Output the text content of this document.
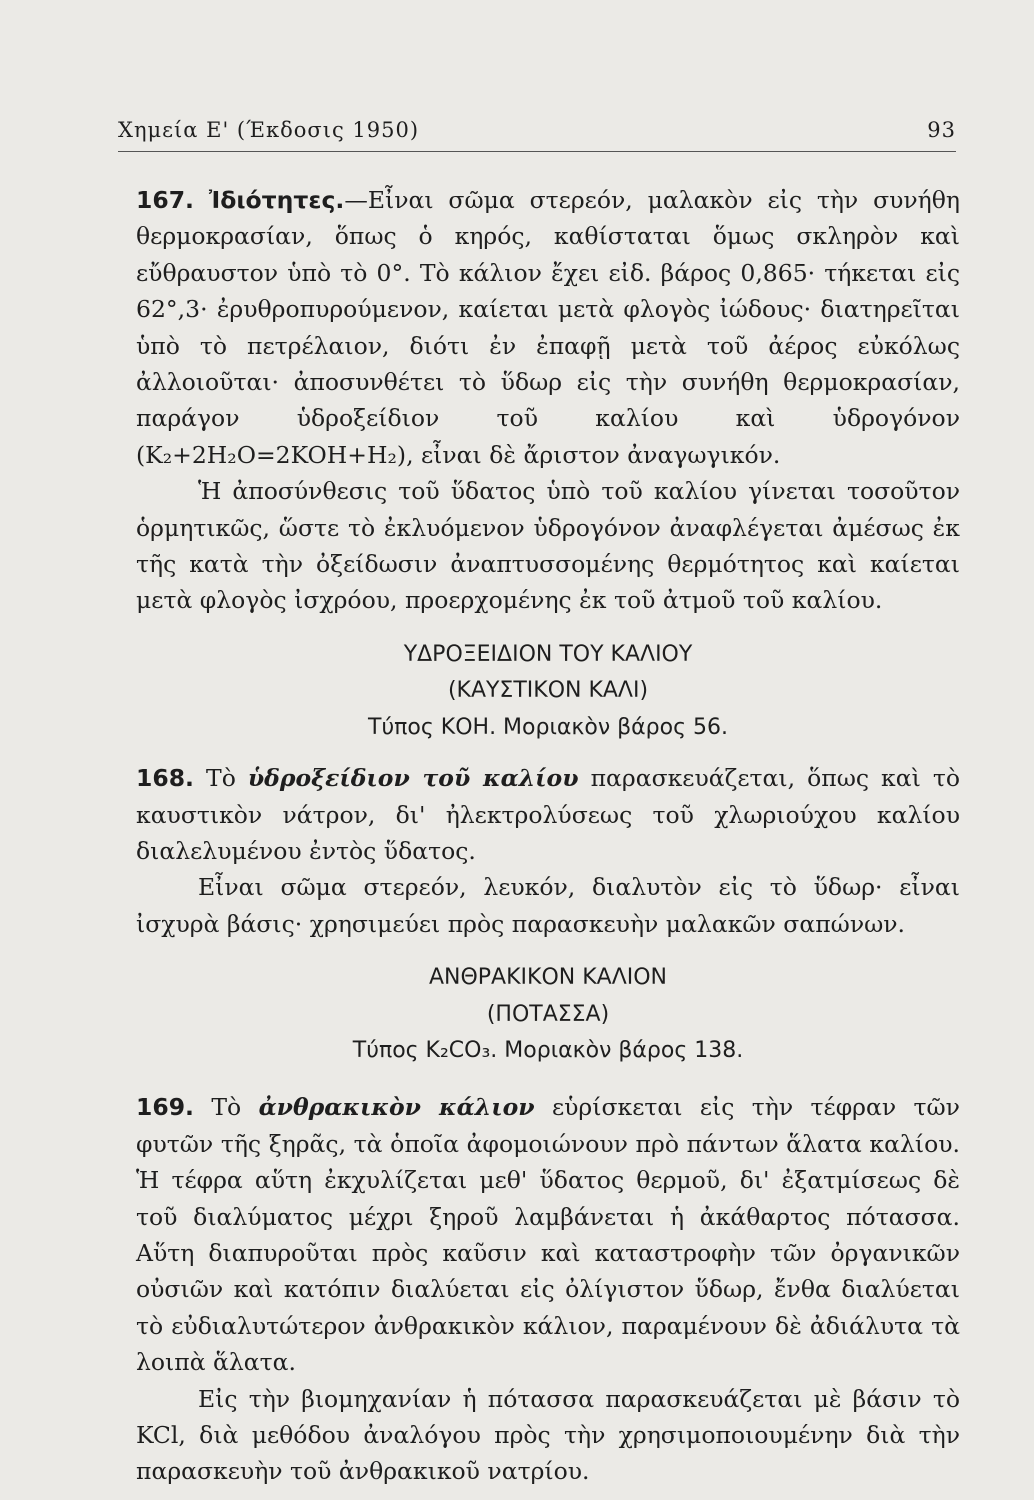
Χημεία Ε' (Έκδοσις 1950)	93

167. Ἰδιότητες.—Εἶναι σῶμα στερεόν, μαλακὸν εἰς τὴν συνήθη θερμοκρασίαν, ὅπως ὁ κηρός, καθίσταται ὅμως σκληρὸν καὶ εὔθραυστον ὑπὸ τὸ 0°. Τὸ κάλιον ἔχει εἰδ. βάρος 0,865· τήκεται εἰς 62°,3· ἐρυθροπυρούμενον, καίεται μετὰ φλογὸς ἰώδους· διατηρεῖται ὑπὸ τὸ πετρέλαιον, διότι ἐν ἐπαφῇ μετὰ τοῦ ἀέρος εὐκόλως ἀλλοιοῦται· ἀποσυνθέτει τὸ ὕδωρ εἰς τὴν συνήθη θερμοκρασίαν, παράγον ὑδροξείδιον τοῦ καλίου καὶ ὑδρογόνον (K₂+2H₂O=2KOH+H₂), εἶναι δὲ ἄριστον ἀναγωγικόν.

Ἡ ἀποσύνθεσις τοῦ ὕδατος ὑπὸ τοῦ καλίου γίνεται τοσοῦτον ὁρμητικῶς, ὥστε τὸ ἐκλυόμενον ὑδρογόνον ἀναφλέγεται ἀμέσως ἐκ τῆς κατὰ τὴν ὀξείδωσιν ἀναπτυσσομένης θερμότητος καὶ καίεται μετὰ φλογὸς ἰσχρόου, προερχομένης ἐκ τοῦ ἀτμοῦ τοῦ καλίου.

ΥΔΡΟΞΕΙΔΙΟΝ ΤΟΥ ΚΑΛΙΟΥ

(ΚΑΥΣΤΙΚΟΝ ΚΑΛΙ)

Τύπος ΚΟΗ. Μοριακὸν βάρος 56.

168. Τὸ ὑδροξείδιον τοῦ καλίου παρασκευάζεται, ὅπως καὶ τὸ καυστικὸν νάτρον, δι' ἠλεκτρολύσεως τοῦ χλωριούχου καλίου διαλελυμένου ἐντὸς ὕδατος.

Εἶναι σῶμα στερεόν, λευκόν, διαλυτὸν εἰς τὸ ὕδωρ· εἶναι ἰσχυρὰ βάσις· χρησιμεύει πρὸς παρασκευὴν μαλακῶν σαπώνων.

ΑΝΘΡΑΚΙΚΟΝ ΚΑΛΙΟΝ

(ΠΟΤΑΣΣΑ)

Τύπος K₂CO₃. Μοριακὸν βάρος 138.

169. Τὸ ἀνθρακικὸν κάλιον εὑρίσκεται εἰς τὴν τέφραν τῶν φυτῶν τῆς ξηρᾶς, τὰ ὁποῖα ἀφομοιώνουν πρὸ πάντων ἅλατα καλίου. Ἡ τέφρα αὕτη ἐκχυλίζεται μεθ' ὕδατος θερμοῦ, δι' ἐξατμίσεως δὲ τοῦ διαλύματος μέχρι ξηροῦ λαμβάνεται ἡ ἀκάθαρτος πότασσα. Αὕτη διαπυροῦται πρὸς καῦσιν καὶ καταστροφὴν τῶν ὀργανικῶν οὐσιῶν καὶ κατόπιν διαλύεται εἰς ὀλίγιστον ὕδωρ, ἔνθα διαλύεται τὸ εὐδιαλυτώτερον ἀνθρακικὸν κάλιον, παραμένουν δὲ ἀδιάλυτα τὰ λοιπὰ ἅλατα.

Εἰς τὴν βιομηχανίαν ἡ πότασσα παρασκευάζεται μὲ βάσιν τὸ KCl, διὰ μεθόδου ἀναλόγου πρὸς τὴν χρησιμοποιουμένην διὰ τὴν παρασκευὴν τοῦ ἀνθρακικοῦ νατρίου.
